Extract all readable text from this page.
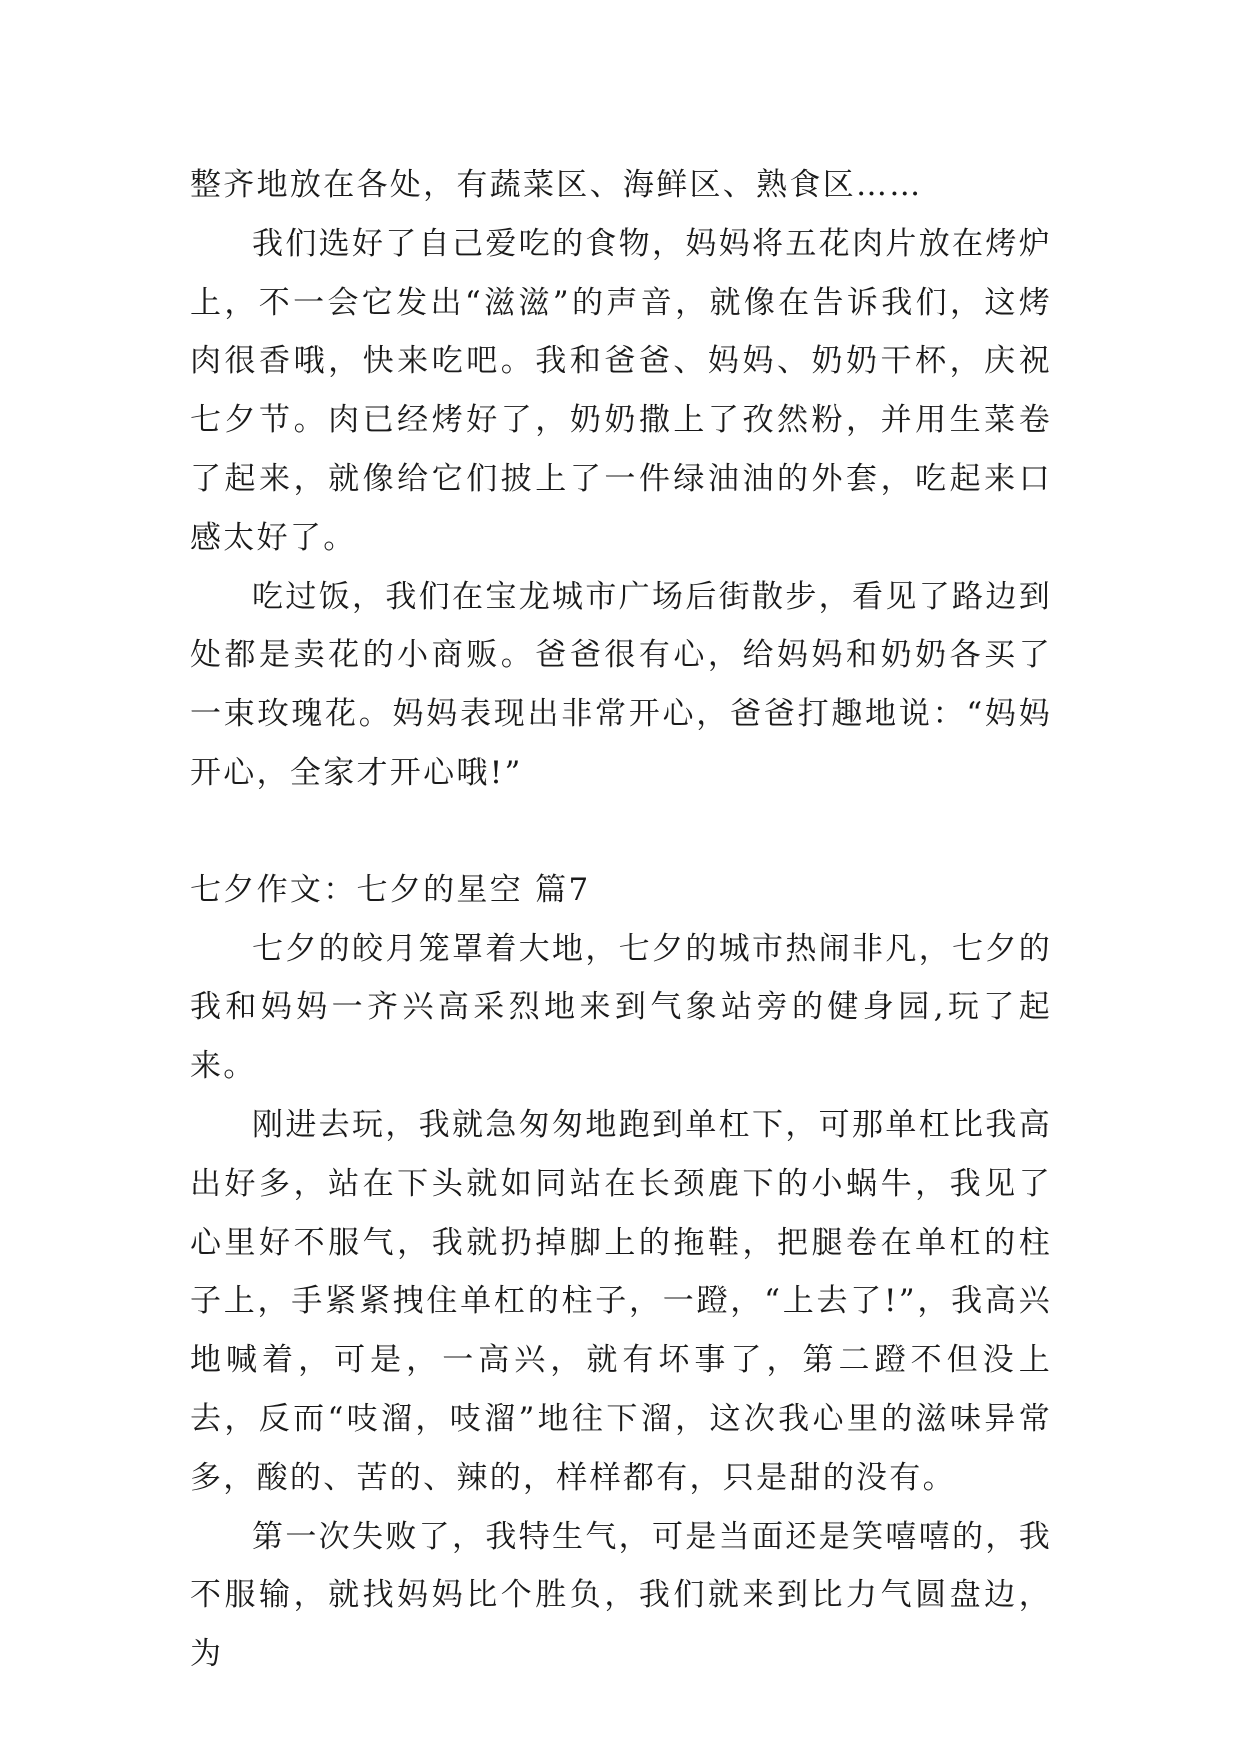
整齐地放在各处，有蔬菜区、海鲜区、熟食区……

我们选好了自己爱吃的食物，妈妈将五花肉片放在烤炉上，不一会它发出“滋滋”的声音，就像在告诉我们，这烤肉很香哦，快来吃吧。我和爸爸、妈妈、奶奶干杯，庆祝七夕节。肉已经烤好了，奶奶撒上了孜然粉，并用生菜卷了起来，就像给它们披上了一件绿油油的外套，吃起来口感太好了。

吃过饭，我们在宝龙城市广场后街散步，看见了路边到处都是卖花的小商贩。爸爸很有心，给妈妈和奶奶各买了一束玫瑰花。妈妈表现出非常开心，爸爸打趣地说：“妈妈开心，全家才开心哦!”

七夕作文：七夕的星空 篇7

七夕的皎月笼罩着大地，七夕的城市热闹非凡，七夕的我和妈妈一齐兴高采烈地来到气象站旁的健身园,玩了起来。

刚进去玩，我就急匆匆地跑到单杠下，可那单杠比我高出好多，站在下头就如同站在长颈鹿下的小蜗牛，我见了心里好不服气，我就扔掉脚上的拖鞋，把腿卷在单杠的柱子上，手紧紧拽住单杠的柱子，一蹬，“上去了!”，我高兴地喊着，可是，一高兴，就有坏事了，第二蹬不但没上去，反而“吱溜，吱溜”地往下溜，这次我心里的滋味异常多，酸的、苦的、辣的，样样都有，只是甜的没有。

第一次失败了，我特生气，可是当面还是笑嘻嘻的，我不服输，就找妈妈比个胜负，我们就来到比力气圆盘边，为
